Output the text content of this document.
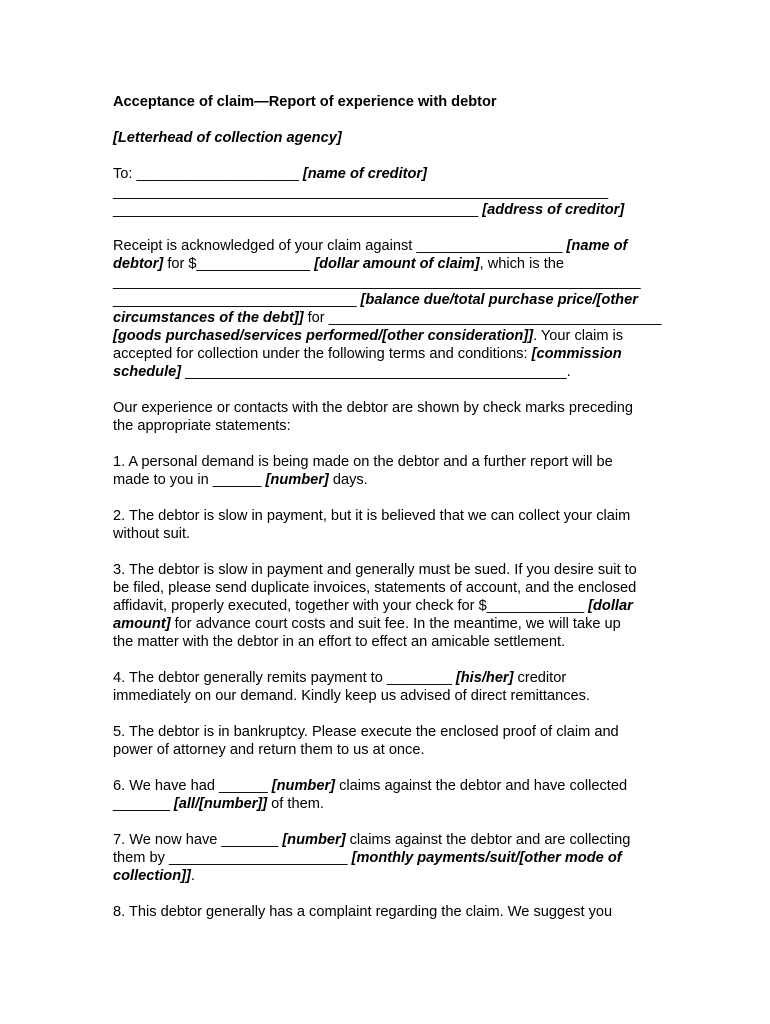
Acceptance of claim—Report of experience with debtor
[Letterhead of collection agency]
To: ____________________ [name of creditor]
_____________________________________________________________
_____________________________________________ [address of creditor]
Receipt is acknowledged of your claim against __________________ [name of
debtor] for $______________ [dollar amount of claim], which is the
_________________________________________________________________
______________________________ [balance due/total purchase price/[other
circumstances of the debt]] for _________________________________________
[goods purchased/services performed/[other consideration]]. Your claim is
accepted for collection under the following terms and conditions: [commission
schedule] _______________________________________________.
Our experience or contacts with the debtor are shown by check marks preceding
the appropriate statements:
1. A personal demand is being made on the debtor and a further report will be
made to you in ______ [number] days.
2. The debtor is slow in payment, but it is believed that we can collect your claim
without suit.
3. The debtor is slow in payment and generally must be sued. If you desire suit to
be filed, please send duplicate invoices, statements of account, and the enclosed
affidavit, properly executed, together with your check for $____________ [dollar
amount] for advance court costs and suit fee. In the meantime, we will take up
the matter with the debtor in an effort to effect an amicable settlement.
4. The debtor generally remits payment to ________ [his/her] creditor
immediately on our demand. Kindly keep us advised of direct remittances.
5. The debtor is in bankruptcy. Please execute the enclosed proof of claim and
power of attorney and return them to us at once.
6. We have had ______ [number] claims against the debtor and have collected
_______ [all/[number]] of them.
7. We now have _______ [number] claims against the debtor and are collecting
them by ______________________ [monthly payments/suit/[other mode of
collection]].
8. This debtor generally has a complaint regarding the claim. We suggest you
